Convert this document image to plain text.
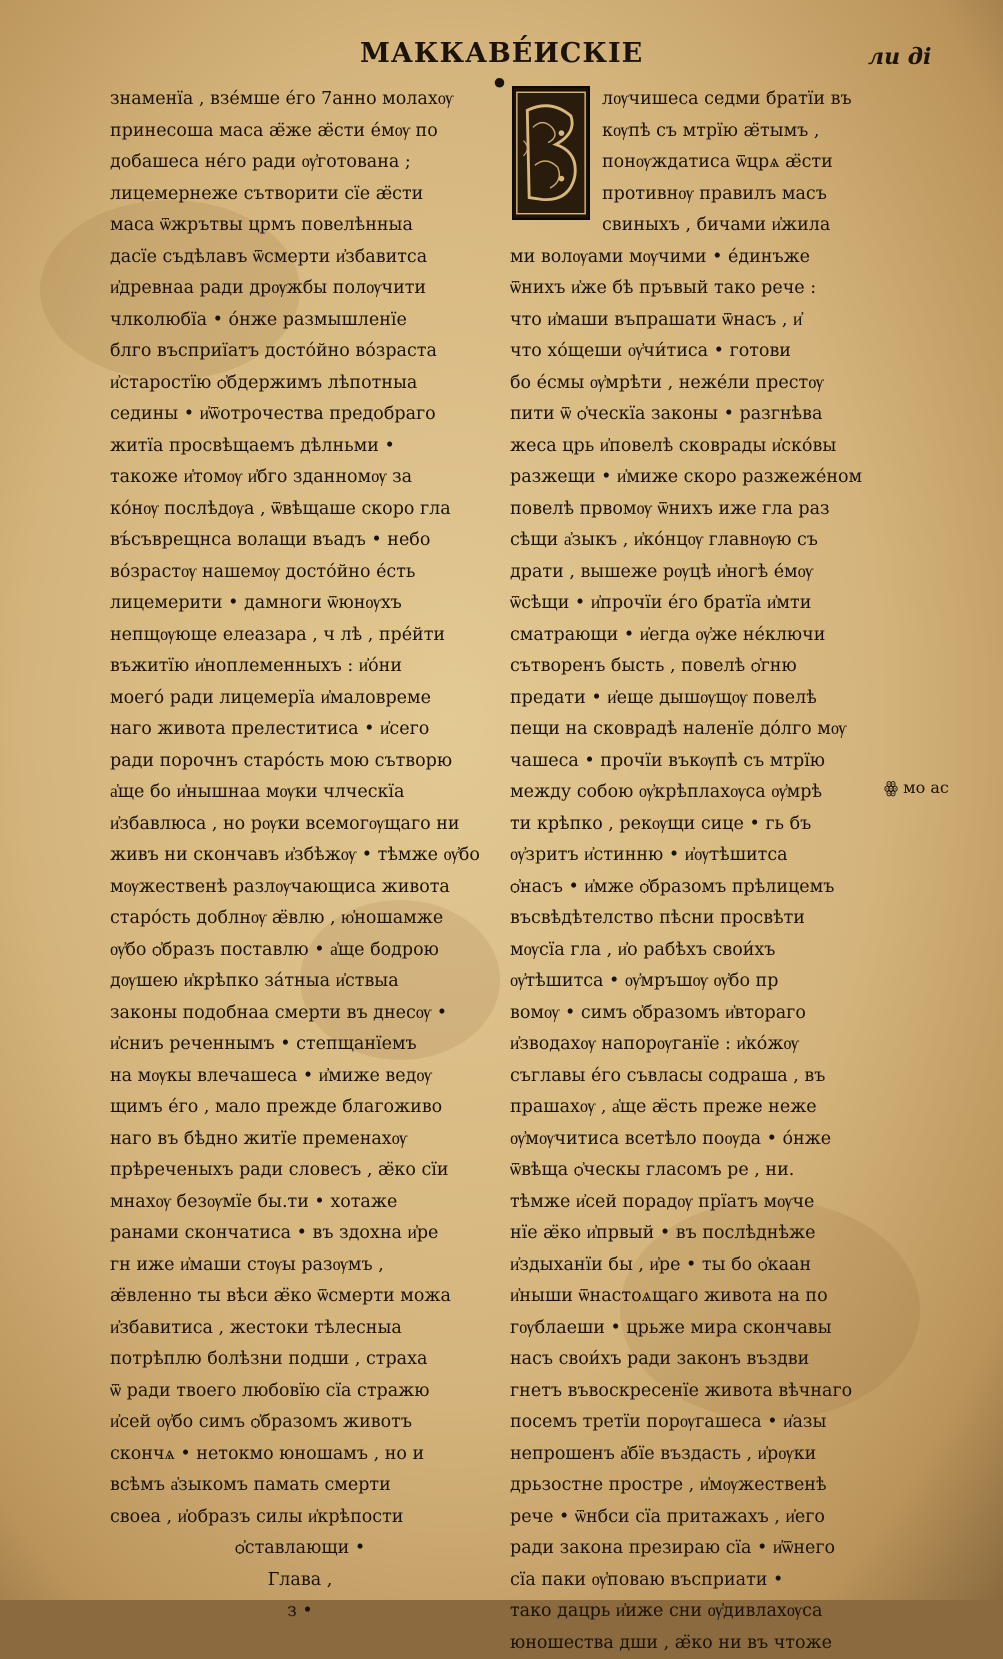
МАККАВЕ́ИСКІЕ •
ли ді
знаменїа , взе́мше е́го 7анно молахѹ
принесоша маса ӕ̈же ӕ̈сти е́мѹ по
добашеса не́го ради ѹ҆готована ;
лицемернеже сътворити сїе ӕ̈сти
маса ѿжрътвы црмъ повелѣнныа
дасїе съдѣлавъ ѿсмерти и҆збавитса
и҆древнаа ради дрѹжбы полѹчити
члколюбїа • о́нже размышленїе
блго въсприїатъ досто́йно во́зраста
и҆старостїю ѻ҆бдержимъ лѣпотныа
седины • и҆ѿотрочества предобраго
житїа просвѣщаемъ дѣлньми •
такоже и҆томѹ и҆бго зданномѹ за
ко́нѹ послѣдѹа , ѿвѣщаше скоро гла
въ́съврещнса волащи въадъ • небо
во́зрастѹ нашемѹ досто́йно е́сть
лицемерити • дамноги ѿюнѹхъ
непщѹюще елеазара , ч лѣ , пре́йти
въжитїю и҆ноплеменныхъ : и҆о́ни
моего́ ради лицемерїа и҆маловреме
наго живота прелеститиса • и҆сего
ради порочнъ старо́сть мою сътворю
а҆ще бо и҆нышнаа мѹки члческїа
и҆збавлюса , но рѹки всемогѹщаго ни
живъ ни скончавъ и҆збѣжѹ • тѣмже ѹ҆бо
мѹжественѣ разлѹчающиса живота
старо́сть доблнѹ ӕ̈влю , ю҆ношамже
ѹ҆бо ѻ҆бразъ поставлю • а҆ще бодрою
дѹшею и҆крѣпко за́тныа и҆ствыа
законы подобнаа смерти въ днесѹ •
и҆сниъ реченнымъ • степщанїемъ
на мѹкы влечашеса • и҆миже ведѹ
щимъ е́го , мало прежде благоживо
наго въ бѣдно житїе пременахѹ
прѣреченыхъ ради словесъ , ӕ̈ко сїи
мнахѹ безѹмїе бы.ти • хотаже
ранами скончатиса • въ здохна и҆ре
гн иже и҆маши стѹы разѹмъ ,
ӕ̈вленно ты вѣси ӕ̈ко ѿсмерти можа
и҆збавитиса , жестоки тѣлесныа
потрѣплю болѣзни подши , страха
ѿ ради твоего любовїю сїа стражю
и҆сей ѹ҆бо симъ ѻ҆бразомъ животъ
скончѧ • нетокмо юношамъ , но и
всѣмъ а҆зыкомъ памать смерти
своеа , и҆образъ силы и҆крѣпости
ѻ҆ставлающи •
Глава ,
з •
лѹчишеса седми братїи въ
кѹпѣ съ мтрїю ӕ̈тымъ ,
понѹждатиса ѿцрѧ ӕ̈сти
противнѹ правилъ масъ
свиныхъ , бичами и҆жила
ми волѹами мѹчими • е́динъже
ѿнихъ и҆же бѣ пръвый тако рече :
что и҆маши въпрашати ѿнасъ , и҆
что хо́щеши ѹ҆чи́тиса • готови
бо е́смы ѹ҆мрѣти , неже́ли престѹ
пити ѿ ѻ҆ческїа законы • разгнѣва
жеса црь и҆повелѣ сковрады и҆ско́вы
разжещи • и҆миже скоро разжеже́ном
повелѣ првомѹ ѿнихъ иже гла раз
сѣщи а҆зыкъ , и҆ко́нцѹ главнѹю съ
драти , вышеже рѹцѣ и҆ногѣ е́мѹ
ѿсѣщи • и҆прочїи е́го братїа и҆мти
сматрающи • и҆егда ѹ҆же не́ключи
сътворенъ бысть , повелѣ ѻ҆гню
предати • и҆еще дышѹщѹ повелѣ
пещи на сковрадѣ наленїе до́лго мѹ
чашеса • прочїи въкѹпѣ съ мтрїю
между собою ѹ҆крѣплахѹса ѹ҆мрѣ
ти крѣпко , рекѹщи сице • гь бъ
ѹ҆зритъ и҆стинню • и҆ѹтѣшитса
ѻ҆насъ • и҆мже ѻ҆бразомъ прѣлицемъ
въсвѣдѣтелство пѣсни просвѣти
мѹсїа гла , и҆о рабѣхъ свои́хъ
ѹ҆тѣшитса • ѹ҆мръшѹ ѹ҆бо пр
вомѹ • симъ ѻ҆бразомъ и҆втораго
и҆зводахѹ напорѹганїе : и҆ко́жѹ
съглавы е́го съвласы содраша , въ
прашахѹ , а҆ще ӕ̈сть преже неже
ѹ҆мѹчитиса всетѣло поѹда • о́нже
ѿвѣща ѻ҆ческы гласомъ ре , ни.
тѣмже и҆сей порадѹ прїатъ мѹче
нїе ӕ̈ко и҆првый • въ послѣднѣже
и҆здыханїи бы , и҆ре • ты бо ѻ҆каан
и҆ныши ѿнастоѧщаго живота на по
гѹблаеши • црьже мира скончавы
насъ свои́хъ ради законъ въздви
гнетъ въвоскресенїе живота вѣчнаго
посемъ третїи порѹгашеса • и҆азы
непрошенъ а҆бїе въздасть , и҆рѹки
дрьзостне простре , и҆мѹжественѣ
рече • ѿнбси сїа притажахъ , и҆его
ради закона презираю сїа • и҆ѿнего
сїа паки ѹ҆поваю въсприати •
тако дацрь и҆иже сни ѹ҆дивлахѹса
юношества дши , ӕ̈ко ни въ чтоже
ꙮ мо ас
